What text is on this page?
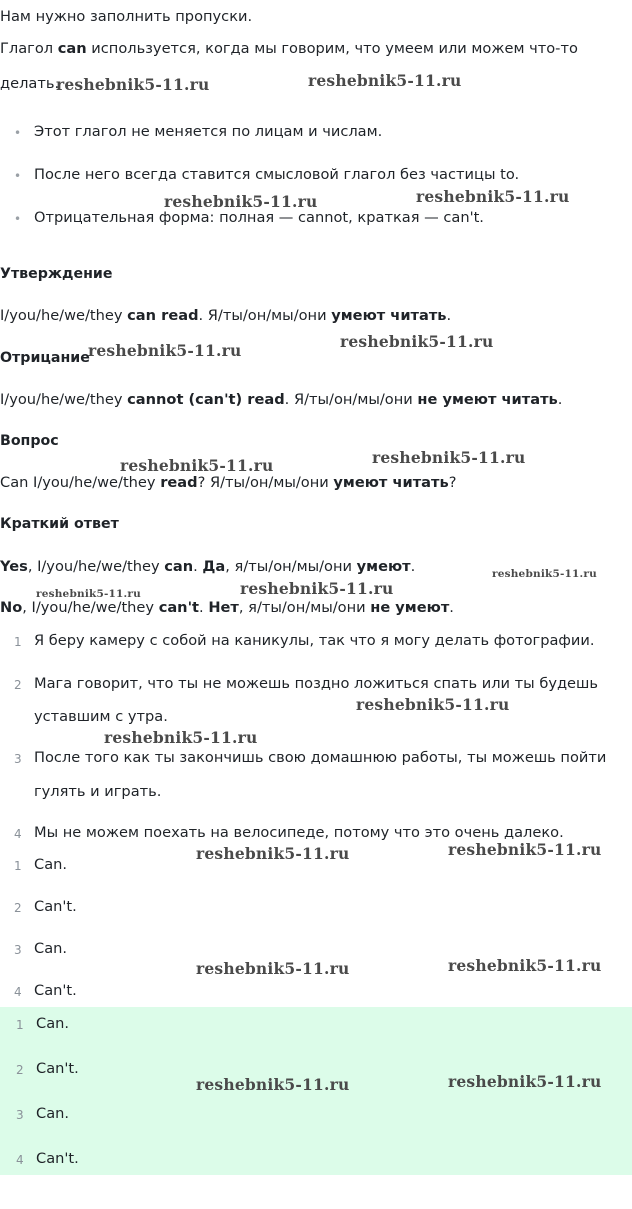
Нам нужно заполнить пропуски.
Глагол can используется, когда мы говорим, что умеем или можем что-то
делать.
• Этот глагол не меняется по лицам и числам.
• После него всегда ставится смысловой глагол без частицы to.
• Отрицательная форма: полная — cannot, краткая — can't.
Утверждение
I/you/he/we/they can read. Я/ты/он/мы/они умеют читать.
Отрицание
I/you/he/we/they cannot (can't) read. Я/ты/он/мы/они не умеют читать.
Вопрос
Can I/you/he/we/they read? Я/ты/он/мы/они умеют читать?
Краткий ответ
Yes, I/you/he/we/they can. Да, я/ты/он/мы/они умеют.
No, I/you/he/we/they can't. Нет, я/ты/он/мы/они не умеют.
1 Я беру камеру с собой на каникулы, так что я могу делать фотографии.
2 Мага говорит, что ты не можешь поздно ложиться спать или ты будешь
уставшим с утра.
3 После того как ты закончишь свою домашнюю работы, ты можешь пойти
гулять и играть.
4 Мы не можем поехать на велосипеде, потому что это очень далеко.
1 Can.
2 Can't.
3 Can.
4 Can't.
1 Can.
2 Can't.
3 Can.
4 Can't.
reshebnik5-11.ru	reshebnik5-11.ru
reshebnik5-11.ru	reshebnik5-11.ru
reshebnik5-11.ru	reshebnik5-11.ru
reshebnik5-11.ru	reshebnik5-11.ru
reshebnik5-11.ru
reshebnik5-11.ru	reshebnik5-11.ru
reshebnik5-11.ru
reshebnik5-11.ru
reshebnik5-11.ru	reshebnik5-11.ru
reshebnik5-11.ru	reshebnik5-11.ru
reshebnik5-11.ru	reshebnik5-11.ru
